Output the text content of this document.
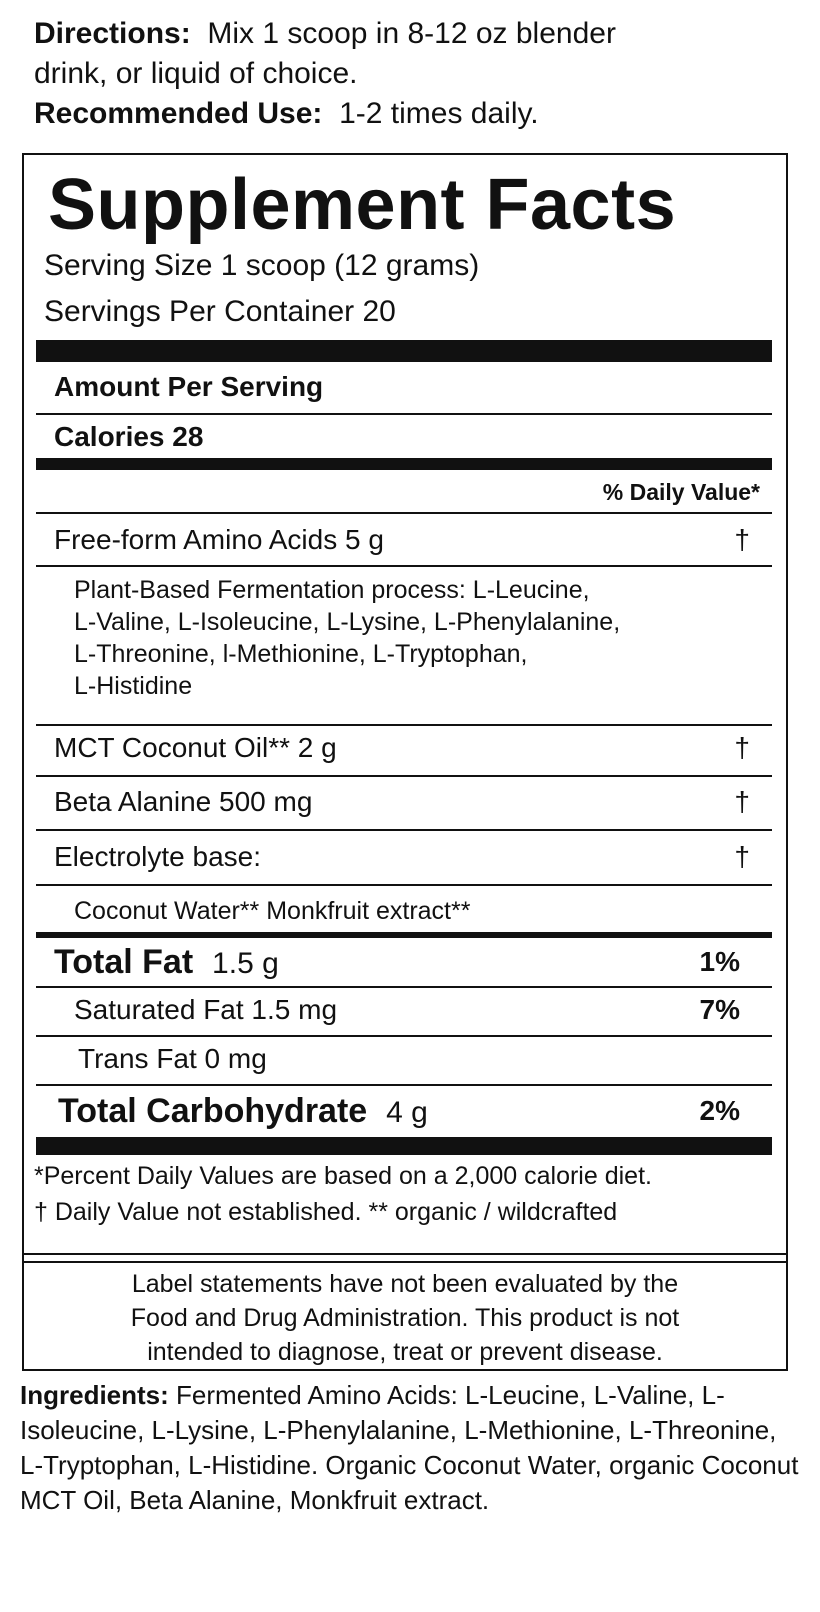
Directions: Mix 1 scoop in 8-12 oz blender
drink, or liquid of choice.
Recommended Use: 1-2 times daily.
Supplement Facts
Serving Size 1 scoop (12 grams)
Servings Per Container 20
Amount Per Serving
Calories 28
% Daily Value*
Free-form Amino Acids 5 g	†
Plant-Based Fermentation process: L-Leucine,
L-Valine, L-Isoleucine, L-Lysine, L-Phenylalanine,
L-Threonine, l-Methionine, L-Tryptophan,
L-Histidine
MCT Coconut Oil** 2 g	†
Beta Alanine 500 mg	†
Electrolyte base:	†
Coconut Water** Monkfruit extract**
Total Fat 1.5 g	1%
Saturated Fat 1.5 mg	7%
Trans Fat 0 mg
Total Carbohydrate 4 g	2%
*Percent Daily Values are based on a 2,000 calorie diet.
† Daily Value not established. ** organic / wildcrafted
Label statements have not been evaluated by the
Food and Drug Administration. This product is not
intended to diagnose, treat or prevent disease.
Ingredients: Fermented Amino Acids: L-Leucine, L-Valine, L-Isoleucine, L-Lysine, L-Phenylalanine, L-Methionine, L-Threonine, L-Tryptophan, L-Histidine. Organic Coconut Water, organic Coconut MCT Oil, Beta Alanine, Monkfruit extract.
